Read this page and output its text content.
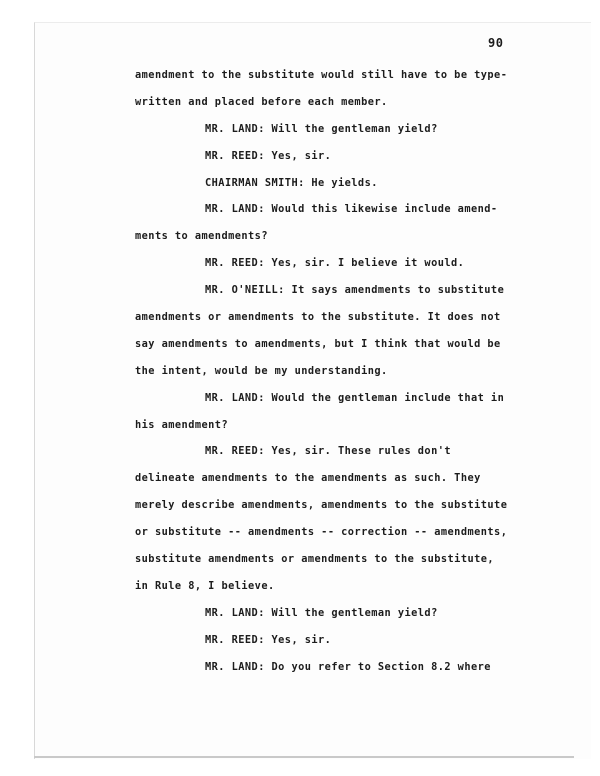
90
amendment to the substitute would still have to be type-
written and placed before each member.
MR. LAND: Will the gentleman yield?
MR. REED: Yes, sir.
CHAIRMAN SMITH: He yields.
MR. LAND: Would this likewise include amend-
ments to amendments?
MR. REED: Yes, sir. I believe it would.
MR. O'NEILL: It says amendments to substitute
amendments or amendments to the substitute. It does not
say amendments to amendments, but I think that would be
the intent, would be my understanding.
MR. LAND: Would the gentleman include that in
his amendment?
MR. REED: Yes, sir. These rules don't
delineate amendments to the amendments as such. They
merely describe amendments, amendments to the substitute
or substitute -- amendments -- correction -- amendments,
substitute amendments or amendments to the substitute,
in Rule 8, I believe.
MR. LAND: Will the gentleman yield?
MR. REED: Yes, sir.
MR. LAND: Do you refer to Section 8.2 where
